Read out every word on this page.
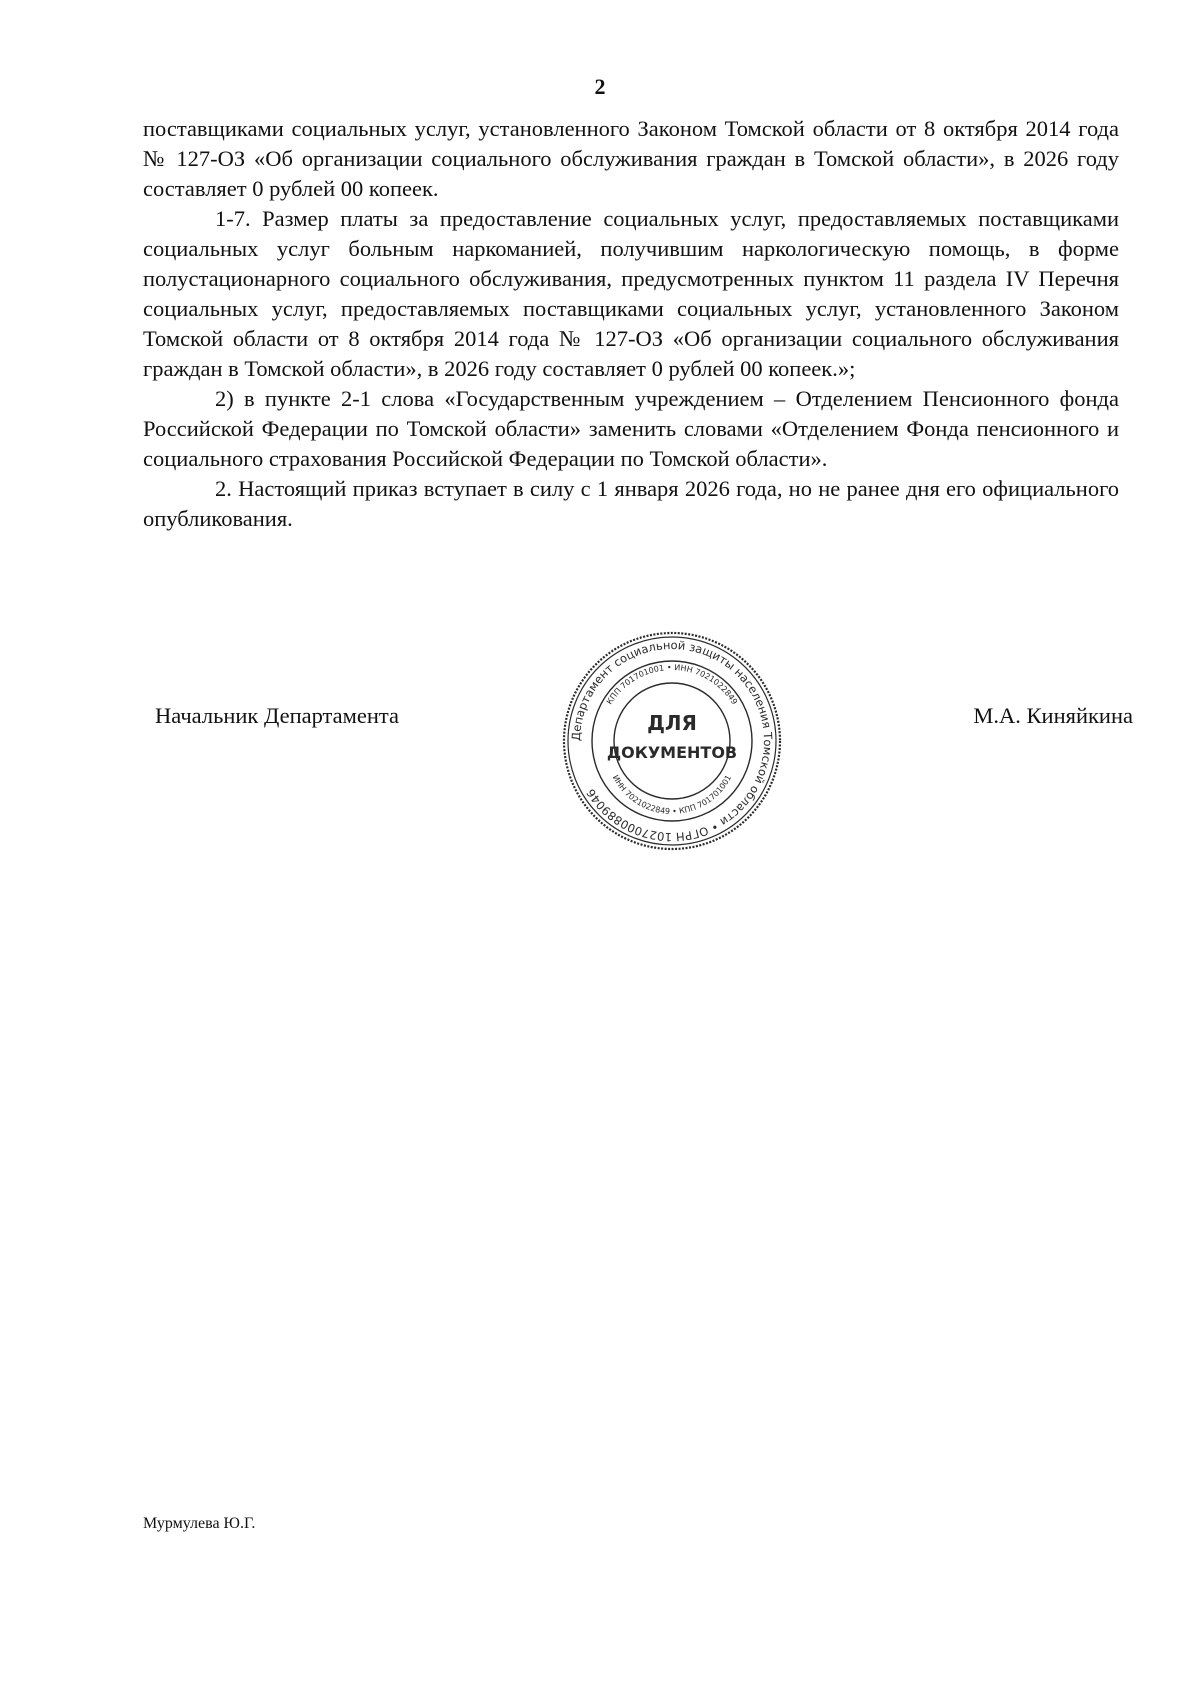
2

поставщиками социальных услуг, установленного Законом Томской области от 8 октября 2014 года № 127-ОЗ «Об организации социального обслуживания граждан в Томской области», в 2026 году составляет 0 рублей 00 копеек.

1-7. Размер платы за предоставление социальных услуг, предоставляемых поставщиками социальных услуг больным наркоманией, получившим наркологическую помощь, в форме полустационарного социального обслуживания, предусмотренных пунктом 11 раздела IV Перечня социальных услуг, предоставляемых поставщиками социальных услуг, установленного Законом Томской области от 8 октября 2014 года № 127-ОЗ «Об организации социального обслуживания граждан в Томской области», в 2026 году составляет 0 рублей 00 копеек.»;

2) в пункте 2-1 слова «Государственным учреждением – Отделением Пенсионного фонда Российской Федерации по Томской области» заменить словами «Отделением Фонда пенсионного и социального страхования Российской Федерации по Томской области».

2. Настоящий приказ вступает в силу с 1 января 2026 года, но не ранее дня его официального опубликования.

Начальник Департамента	М.А. Киняйкина
Департамент социальной защиты населения Томской области • ОГРН 1027000889046
КПП 701701001 • ИНН 7021022849
ИНН 7021022849 • КПП 701701001
ДЛЯ
ДОКУМЕНТОВ
Мурмулева Ю.Г.
